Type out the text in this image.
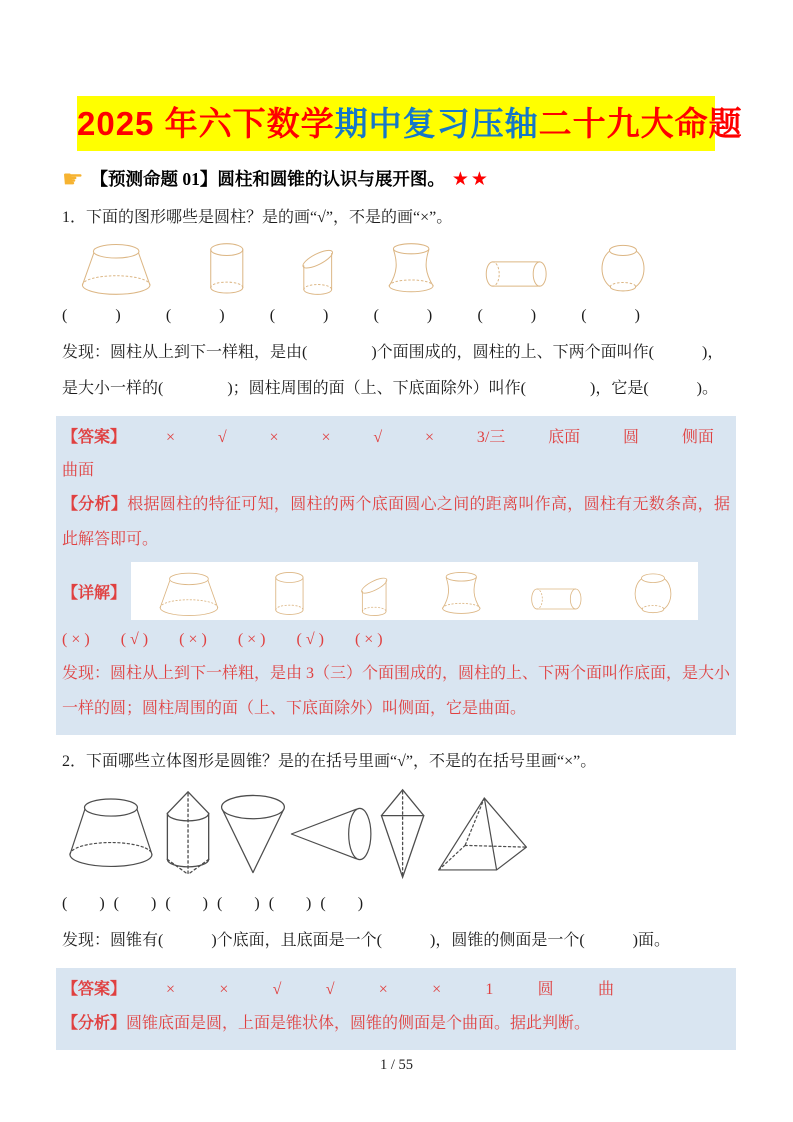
2025 年六下数学期中复习压轴二十九大命题
☛ 【预测命题 01】圆柱和圆锥的认识与展开图。 ★★

1．下面的图形哪些是圆柱？是的画“√”，不是的画“×”。

(　　　)	(　　　)	(　　　)	(　　　)	(　　　)	(　　　)

发现：圆柱从上到下一样粗，是由(　　　　)个面围成的，圆柱的上、下两个面叫作(　　　)，

是大小一样的(　　　　)；圆柱周围的面（上、下底面除外）叫作(　　　　)，它是(　　　)。

【答案】	×	√	×	×	√	×	3/三	底面	圆	侧面
曲面

【分析】根据圆柱的特征可知，圆柱的两个底面圆心之间的距离叫作高，圆柱有无数条高，据此解答即可。

【详解】
( × ) ( √ ) ( × ) ( × ) ( √ ) ( × )

发现：圆柱从上到下一样粗，是由 3（三）个面围成的，圆柱的上、下两个面叫作底面，是大小一样的圆；圆柱周围的面（上、下底面除外）叫侧面，它是曲面。

2．下面哪些立体图形是圆锥？是的在括号里画“√”，不是的在括号里画“×”。

(　　) (　　) (　　) (　　) (　　) (　　)

发现：圆锥有(　　　)个底面，且底面是一个(　　　)，圆锥的侧面是一个(　　　)面。

【答案】	×	×	√	√	×	×	1	圆	曲

【分析】圆锥底面是圆，上面是锥状体，圆锥的侧面是个曲面。据此判断。

1 / 55
